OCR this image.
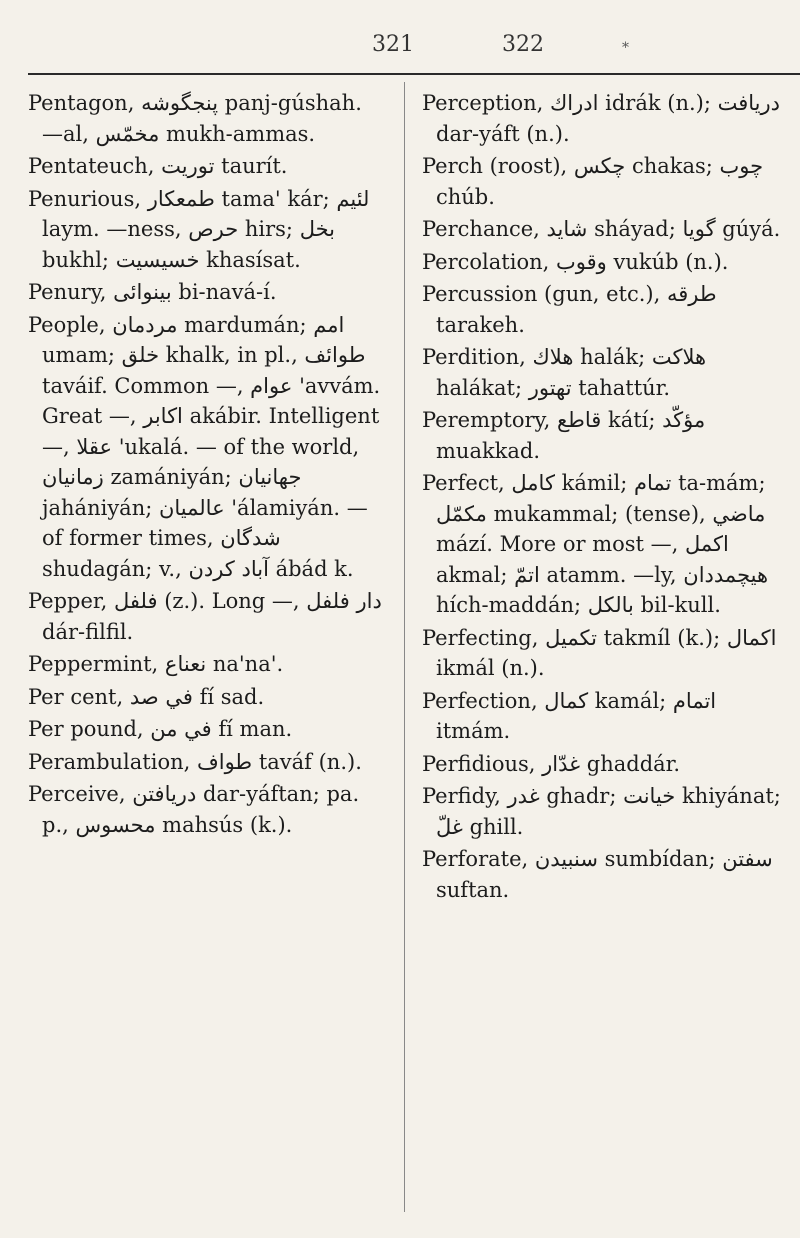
321	322	*

Pentagon, پنجگوشه panj-gúshah. —al, مخمّس mukh-ammas.

Pentateuch, توريت taurít.

Penurious, طمعكار tama' kár; لئيم laym. —ness, حرص hirs; بخل bukhl; خسيسيت khasísat.

Penury, بینوائی bi-navá-í.

People, مردمان mardumán; امم umam; خلق khalk, in pl., طوائف taváif. Common —, عوام 'avvám. Great —, اكابر akábir. Intelligent —, عقلا 'ukalá. — of the world, زمانيان zamániyán; جهانيان jahániyán; عالميان 'álamiyán. — of former times, شدگان shudagán; v., آباد كردن ábád k.

Pepper, فلفل (z.). Long —, دار فلفل dár-filfil.

Peppermint, نعناع na'na'.

Per cent, في صد fí sad.

Per pound, في من fí man.

Perambulation, طواف taváf (n.).

Perceive, دريافتن dar-yáftan; pa. p., محسوس mahsús (k.).

Perception, ادراك idrák (n.); دريافت dar-yáft (n.).

Perch (roost), چكس chakas; چوب chúb.

Perchance, شايد sháyad; گويا gúyá.

Percolation, وقوب vukúb (n.).

Percussion (gun, etc.), طرقه tarakeh.

Perdition, هلاك halák; هلاكت halákat; تهتور tahattúr.

Peremptory, قاطع kátí; مؤكّد muakkad.

Perfect, كامل kámil; تمام ta-mám; مكمّل mukammal; (tense), ماضي mází. More or most —, اكمل akmal; اتمّ atamm. —ly, هيچمددان hích-maddán; بالكل bil-kull.

Perfecting, تكميل takmíl (k.); اكمال ikmál (n.).

Perfection, كمال kamál; اتمام itmám.

Perfidious, غدّار ghaddár.

Perfidy, غدر ghadr; خيانت khiyánat; غلّ ghill.

Perforate, سنبيدن sumbídan; سفتن suftan.
